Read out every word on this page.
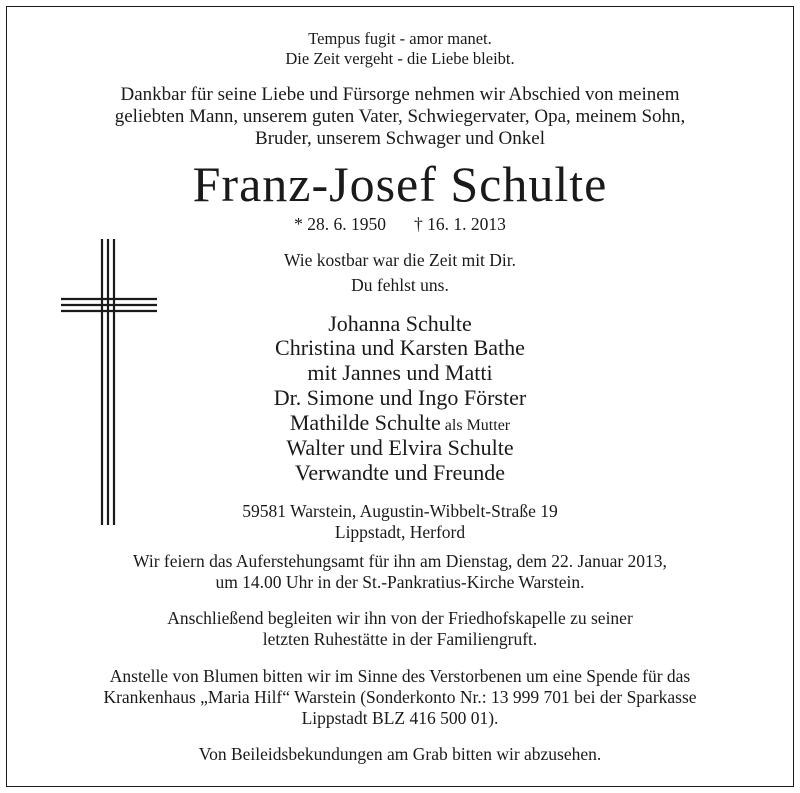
Tempus fugit - amor manet.
Die Zeit vergeht - die Liebe bleibt.
Dankbar für seine Liebe und Fürsorge nehmen wir Abschied von meinem
geliebten Mann, unserem guten Vater, Schwiegervater, Opa, meinem Sohn,
Bruder, unserem Schwager und Onkel
Franz-Josef Schulte
* 28. 6. 1950 † 16. 1. 2013
Wie kostbar war die Zeit mit Dir.
Du fehlst uns.
Johanna Schulte
Christina und Karsten Bathe
mit Jannes und Matti
Dr. Simone und Ingo Förster
Mathilde Schulte als Mutter
Walter und Elvira Schulte
Verwandte und Freunde
59581 Warstein, Augustin-Wibbelt-Straße 19
Lippstadt, Herford
Wir feiern das Auferstehungsamt für ihn am Dienstag, dem 22. Januar 2013,
um 14.00 Uhr in der St.-Pankratius-Kirche Warstein.
Anschließend begleiten wir ihn von der Friedhofskapelle zu seiner
letzten Ruhestätte in der Familiengruft.
Anstelle von Blumen bitten wir im Sinne des Verstorbenen um eine Spende für das
Krankenhaus „Maria Hilf“ Warstein (Sonderkonto Nr.: 13 999 701 bei der Sparkasse
Lippstadt BLZ 416 500 01).
Von Beileidsbekundungen am Grab bitten wir abzusehen.
